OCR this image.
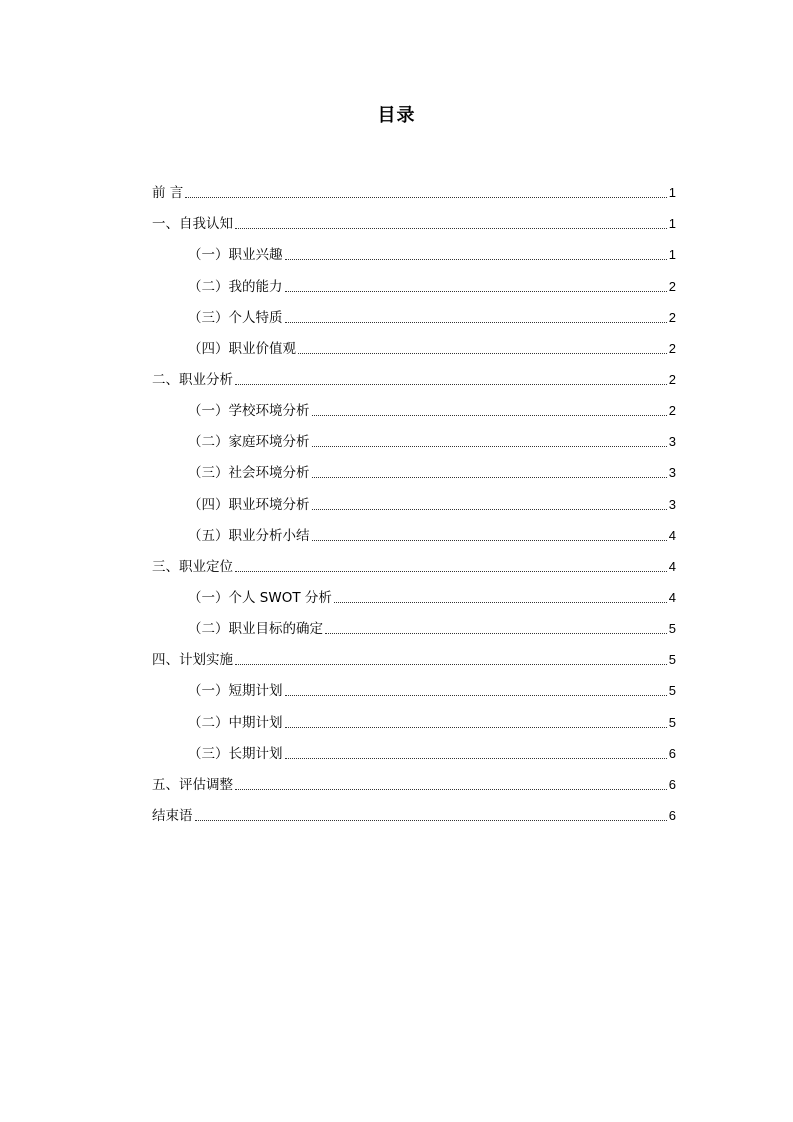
目录
前 言	1
一、自我认知	1
（一）职业兴趣	1
（二）我的能力	2
（三）个人特质	2
（四）职业价值观	2
二、职业分析	2
（一）学校环境分析	2
（二）家庭环境分析	3
（三）社会环境分析	3
（四）职业环境分析	3
（五）职业分析小结	4
三、职业定位	4
（一）个人 SWOT 分析	4
（二）职业目标的确定	5
四、计划实施	5
（一）短期计划	5
（二）中期计划	5
（三）长期计划	6
五、评估调整	6
结束语	6
